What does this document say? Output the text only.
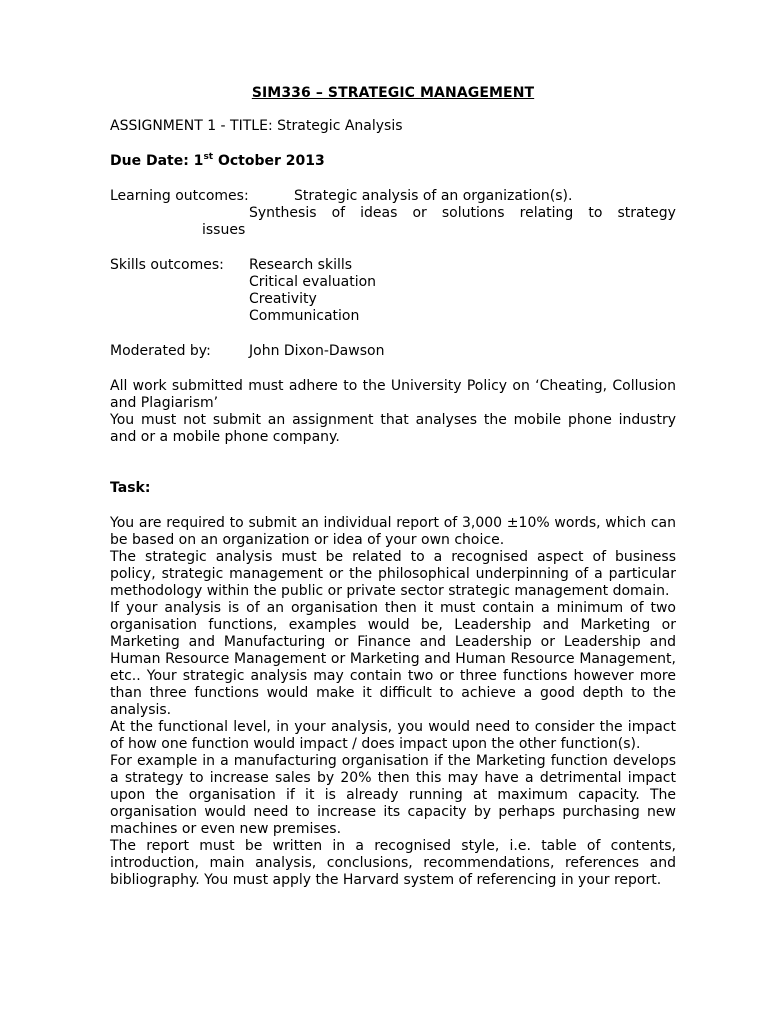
SIM336 – STRATEGIC MANAGEMENT
ASSIGNMENT 1 - TITLE: Strategic Analysis
Due Date: 1st October 2013
Learning outcomes:	Strategic analysis of an organization(s).
Synthesis of ideas or solutions relating to strategy
issues
Skills outcomes: Research skills
Critical evaluation
Creativity
Communication
Moderated by:	John Dixon-Dawson
All work submitted must adhere to the University Policy on ‘Cheating, Collusion and Plagiarism’
You must not submit an assignment that analyses the mobile phone industry and or a mobile phone company.
Task:
You are required to submit an individual report of 3,000 ±10% words, which can be based on an organization or idea of your own choice.
The strategic analysis must be related to a recognised aspect of business policy, strategic management or the philosophical underpinning of a particular methodology within the public or private sector strategic management domain.
If your analysis is of an organisation then it must contain a minimum of two organisation functions, examples would be, Leadership and Marketing or Marketing and Manufacturing or Finance and Leadership or Leadership and Human Resource Management or Marketing and Human Resource Management, etc.. Your strategic analysis may contain two or three functions however more than three functions would make it difficult to achieve a good depth to the analysis.
At the functional level, in your analysis, you would need to consider the impact of how one function would impact / does impact upon the other function(s).
For example in a manufacturing organisation if the Marketing function develops a strategy to increase sales by 20% then this may have a detrimental impact upon the organisation if it is already running at maximum capacity. The organisation would need to increase its capacity by perhaps purchasing new machines or even new premises.
The report must be written in a recognised style, i.e. table of contents, introduction, main analysis, conclusions, recommendations, references and bibliography. You must apply the Harvard system of referencing in your report.
